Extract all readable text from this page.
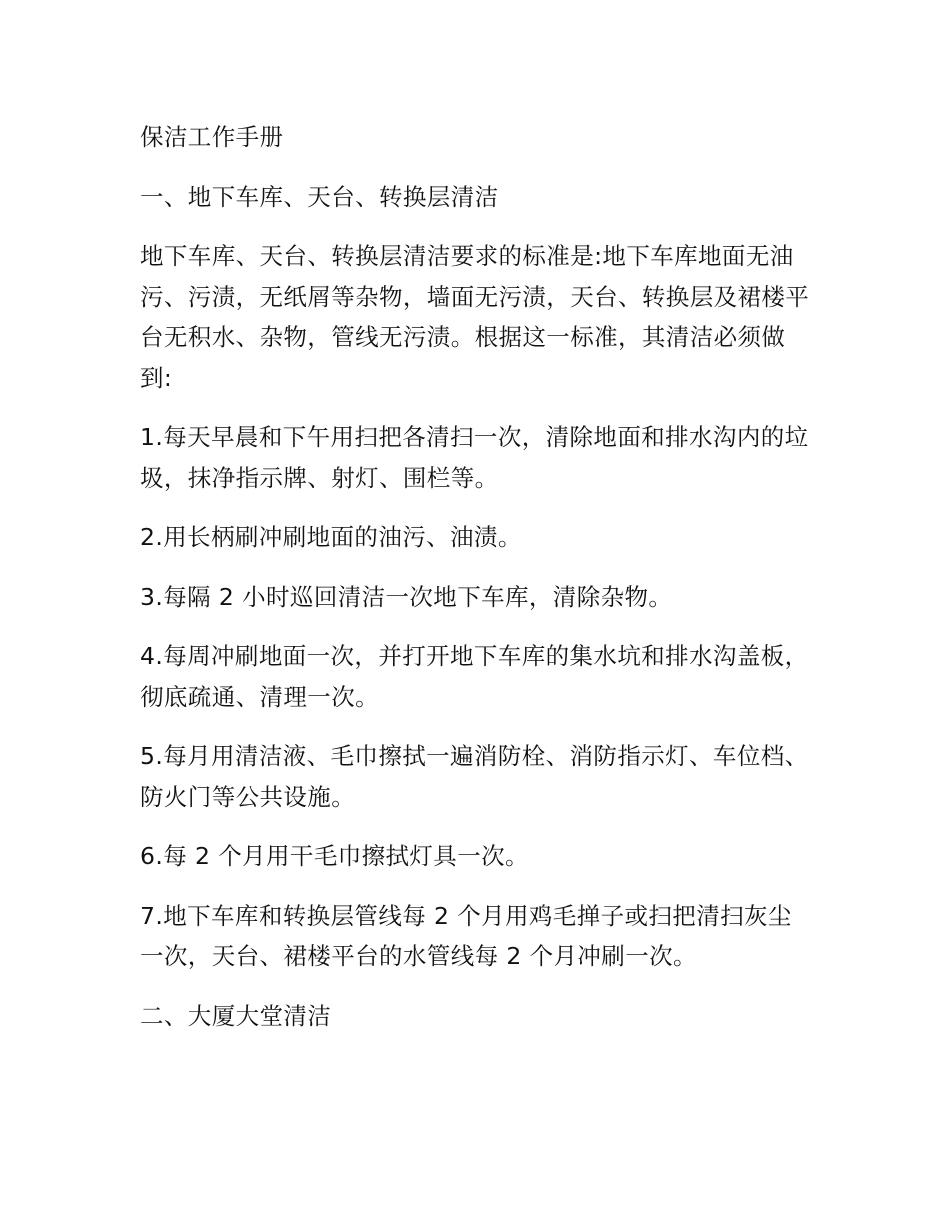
保洁工作手册

一、地下车库、天台、转换层清洁

地下车库、天台、转换层清洁要求的标准是:地下车库地面无油污、污渍，无纸屑等杂物，墙面无污渍，天台、转换层及裙楼平台无积水、杂物，管线无污渍。根据这一标准，其清洁必须做到:

1.每天早晨和下午用扫把各清扫一次，清除地面和排水沟内的垃圾，抹净指示牌、射灯、围栏等。

2.用长柄刷冲刷地面的油污、油渍。

3.每隔 2 小时巡回清洁一次地下车库，清除杂物。

4.每周冲刷地面一次，并打开地下车库的集水坑和排水沟盖板，彻底疏通、清理一次。

5.每月用清洁液、毛巾擦拭一遍消防栓、消防指示灯、车位档、防火门等公共设施。

6.每 2 个月用干毛巾擦拭灯具一次。

7.地下车库和转换层管线每 2 个月用鸡毛掸子或扫把清扫灰尘一次，天台、裙楼平台的水管线每 2 个月冲刷一次。

二、大厦大堂清洁
